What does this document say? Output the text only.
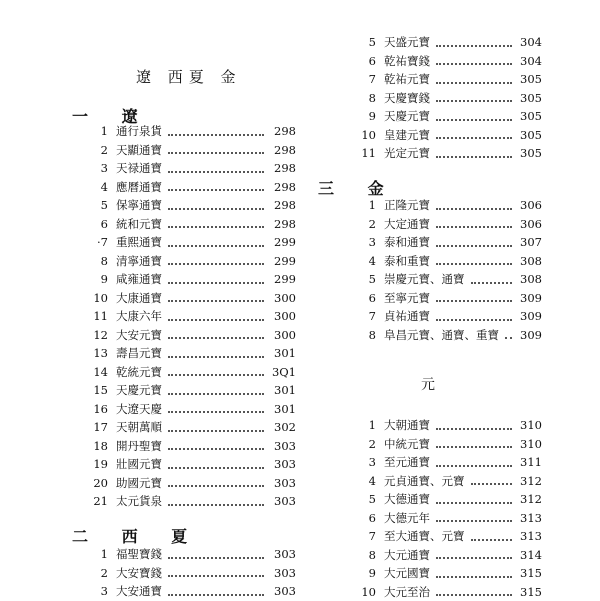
遼 西夏 金
一 遼
1 通行泉貨	298
2 天顯通寶	298
3 天禄通寶	298
4 應曆通寶	298
5 保寧通寶	298
6 統和元寶	298
·7 重熙通寶	299
8 清寧通寶	299
9 咸雍通寶	299
10 大康通寶	300
11 大康六年	300
12 大安元寶	300
13 壽昌元寶	301
14 乾統元寶	3Q1
15 天慶元寶	301
16 大遼天慶	301
17 天朝萬順	302
18 開丹聖寶	303
19 壯國元寶	303
20 助國元寶	303
21 太元貨泉	303
二 西 夏
1 福聖寶錢	303
2 大安寶錢	303
3 大安通寶	303
5 天盛元寶	304
6 乾祐寶錢	304
7 乾祐元寶	305
8 天慶寶錢	305
9 天慶元寶	305
10 皇建元寶	305
11 光定元寶	305
三 金
1 正隆元寶	306
2 大定通寶	306
3 泰和通寶	307
4 泰和重寶	308
5 崇慶元寶、通寶	308
6 至寧元寶	309
7 貞祐通寶	309
8 阜昌元寶、通寶、重寶 309
元
1 大朝通寶	310
2 中統元寶	310
3 至元通寶	311
4 元貞通寶、元寶	312
5 大德通寶	312
6 大德元年	313
7 至大通寶、元寶	313
8 大元通寶	314
9 大元國寶	315
10 大元至治	315
